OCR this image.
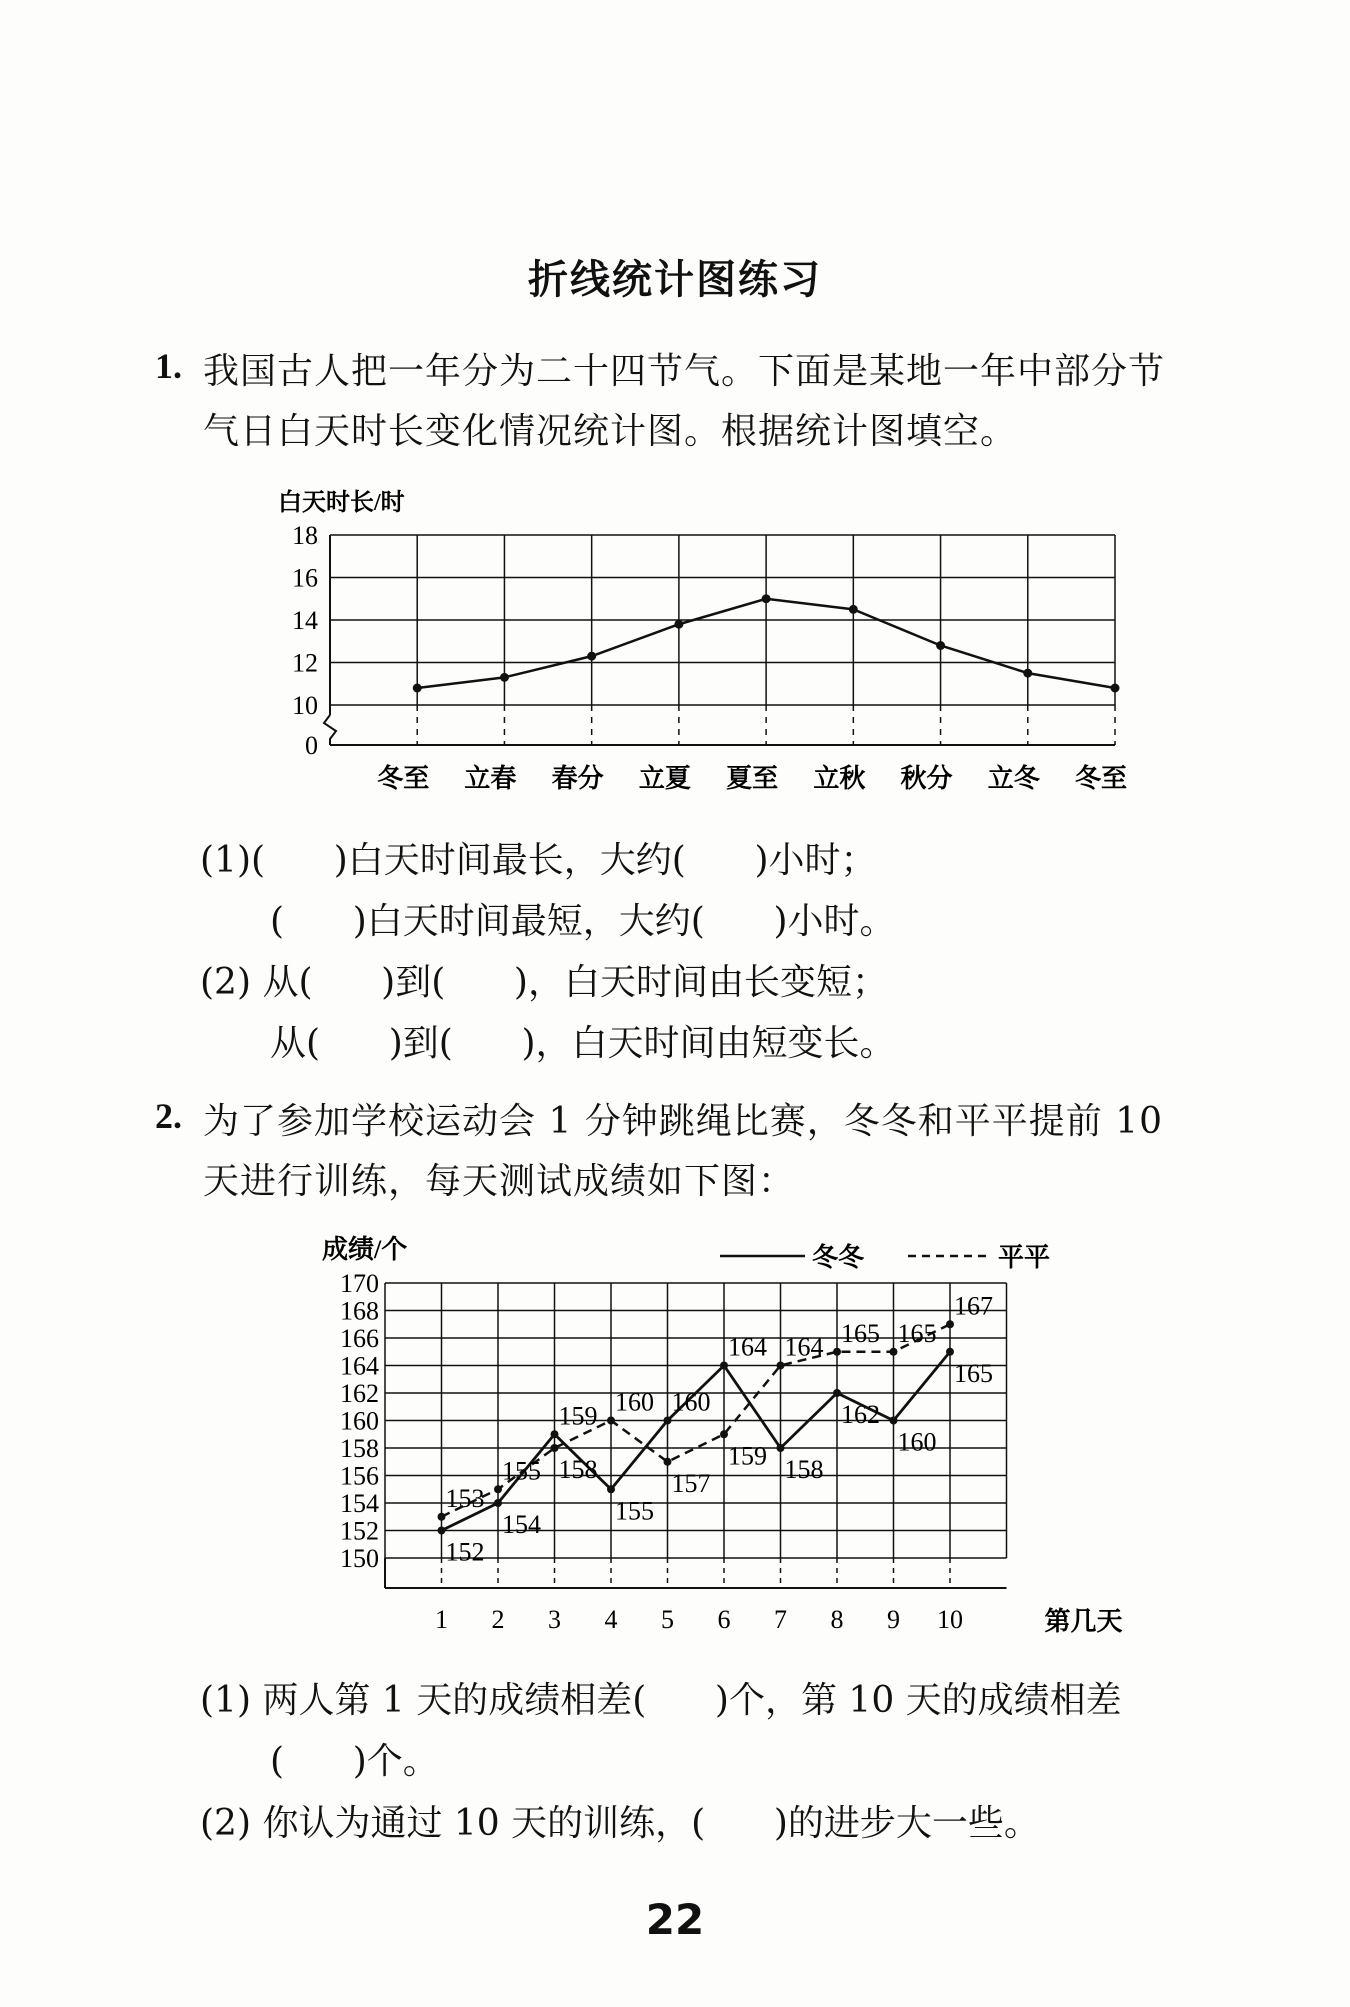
折线统计图练习
1. 我国古人把一年分为二十四节气。下面是某地一年中部分节
气日白天时长变化情况统计图。根据统计图填空。
白天时长/时
0
10
12
14
16
18
冬至 立春 春分 立夏 夏至 立秋 秋分 立冬 冬至
(1)(      )白天时间最长，大约(      )小时；
(      )白天时间最短，大约(      )小时。
(2) 从(      )到(      )，白天时间由长变短；
从(      )到(      )，白天时间由短变长。
2. 为了参加学校运动会 1 分钟跳绳比赛，冬冬和平平提前 10
天进行训练，每天测试成绩如下图：
成绩/个	冬冬	平平
150
152
154
156
158
160
162
164
166
168
170
1 2 3 4 5 6 7 8 9 10	第几天
152
154
159
155
160
164
158
162
160
165
153
155 158
160
157
159
164 165 165
167
(1) 两人第 1 天的成绩相差(      )个，第 10 天的成绩相差
(      )个。
(2) 你认为通过 10 天的训练，(      )的进步大一些。
22
